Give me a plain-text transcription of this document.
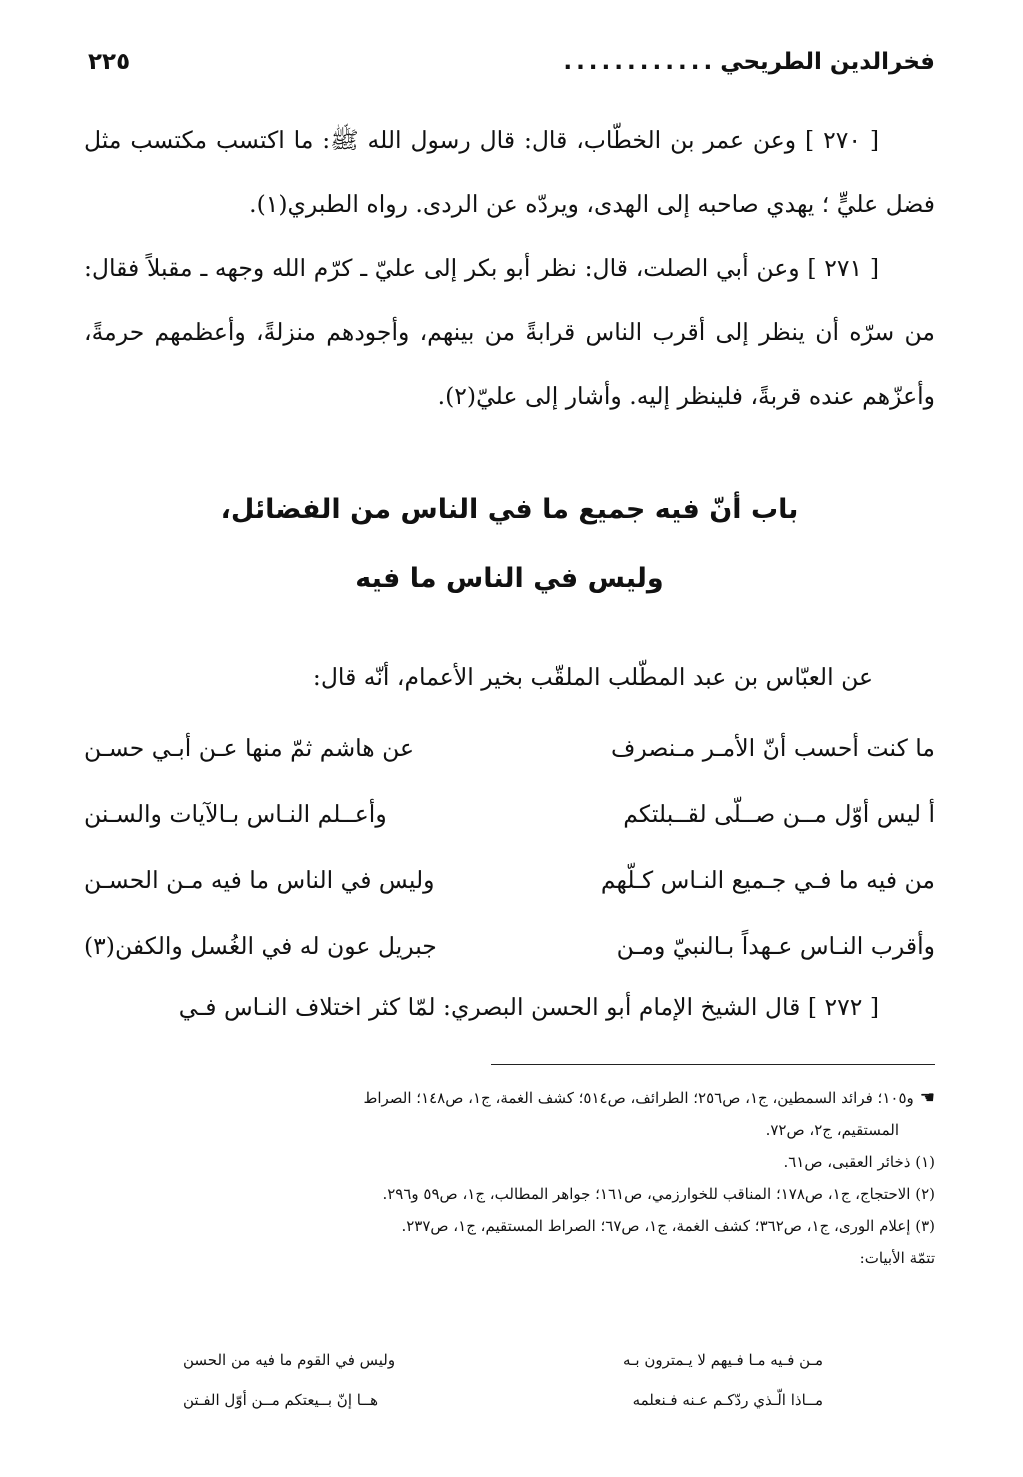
فخرالدين الطريحي
............
٢٢٥

[ ٢٧٠ ] وعن عمر بن الخطّاب، قال: قال رسول الله ﷺ: ما اكتسب مكتسب مثل فضل عليٍّ ؛ يهدي صاحبه إلى الهدى، ويردّه عن الردى. رواه الطبري(١).

[ ٢٧١ ] وعن أبي الصلت، قال: نظر أبو بكر إلى عليّ ـ كرّم الله وجهه ـ مقبلاً فقال: من سرّه أن ينظر إلى أقرب الناس قرابةً من بينهم، وأجودهم منزلةً، وأعظمهم حرمةً، وأعزّهم عنده قربةً، فلينظر إليه. وأشار إلى عليّ(٢).

باب أنّ فيه جميع ما في الناس من الفضائل،
وليس في الناس ما فيه
عن العبّاس بن عبد المطّلب الملقّب بخير الأعمام، أنّه قال:
ما كنت أحسب أنّ الأمـر مـنصرف
عن هاشم ثمّ منها عـن أبـي حسـن
أ ليس أوّل مــن صــلّى لقــبلتكم
وأعــلم النـاس بـالآيات والسـنن
من فيه ما فـي جـميع النـاس كـلّهم
وليس في الناس ما فيه مـن الحسـن
وأقرب النـاس عـهداً بـالنبيّ ومـن
جبريل عون له في الغُسل والكفن(٣)
[ ٢٧٢ ] قال الشيخ الإمام أبو الحسن البصري: لمّا كثر اختلاف النـاس فـي

☚و١٠٥؛ فرائد السمطين، ج١، ص٢٥٦؛ الطرائف، ص٥١٤؛ كشف الغمة، ج١، ص١٤٨؛ الصراط

المستقيم، ج٢، ص٧٢.

(١) ذخائر العقبى، ص٦١.

(٢) الاحتجاج، ج١، ص١٧٨؛ المناقب للخوارزمي، ص١٦١؛ جواهر المطالب، ج١، ص٥٩ و٢٩٦.

(٣) إعلام الورى، ج١، ص٣٦٢؛ كشف الغمة، ج١، ص٦٧؛ الصراط المستقيم، ج١، ص٢٣٧.

تتمّة الأبيات:

مـن فـيه مـا فـيهم لا يـمترون بـه
وليس في القوم ما فيه من الحسن
مــاذا الّـذي ردّكـم عـنه فـنعلمه
هــا إنّ بــيعتكم مــن أوّل الفـتن
